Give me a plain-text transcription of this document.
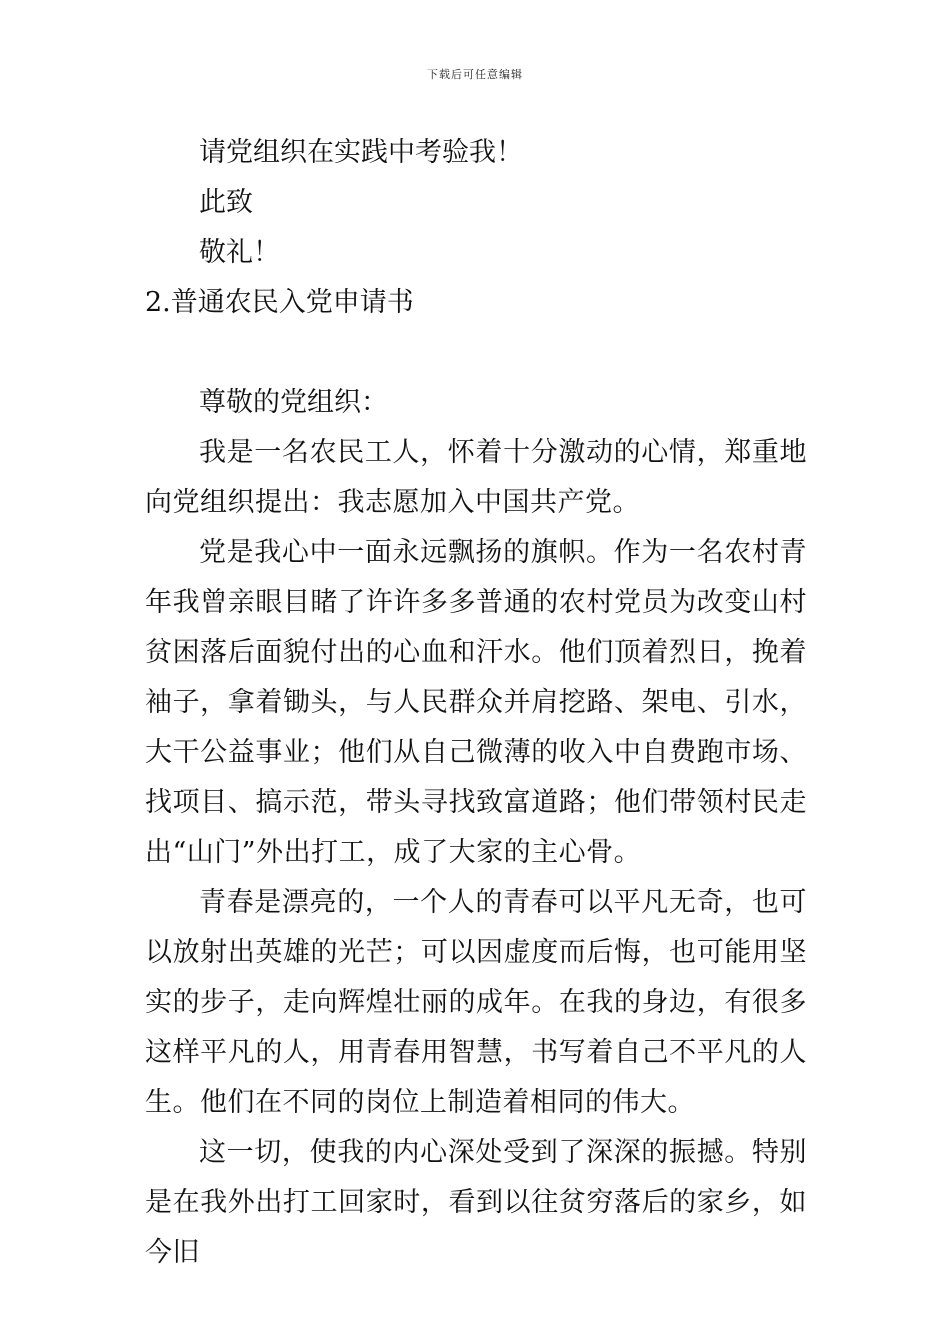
下载后可任意编辑

请党组织在实践中考验我！

此致

敬礼！

2.普通农民入党申请书

尊敬的党组织：

我是一名农民工人，怀着十分激动的心情，郑重地向党组织提出：我志愿加入中国共产党。

党是我心中一面永远飘扬的旗帜。作为一名农村青年我曾亲眼目睹了许许多多普通的农村党员为改变山村贫困落后面貌付出的心血和汗水。他们顶着烈日，挽着袖子，拿着锄头，与人民群众并肩挖路、架电、引水，大干公益事业；他们从自己微薄的收入中自费跑市场、找项目、搞示范，带头寻找致富道路；他们带领村民走出“山门”外出打工，成了大家的主心骨。

青春是漂亮的，一个人的青春可以平凡无奇，也可以放射出英雄的光芒；可以因虚度而后悔，也可能用坚实的步子，走向辉煌壮丽的成年。在我的身边，有很多这样平凡的人，用青春用智慧，书写着自己不平凡的人生。他们在不同的岗位上制造着相同的伟大。

这一切，使我的内心深处受到了深深的振撼。特别是在我外出打工回家时，看到以往贫穷落后的家乡，如今旧
